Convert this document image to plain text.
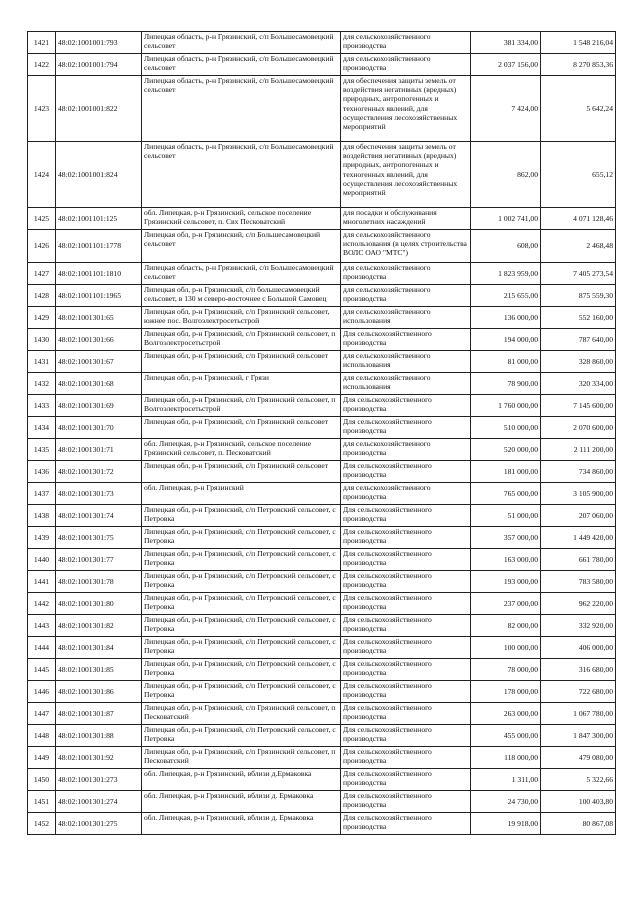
1421	48:02:1001001:793	Липецкая область, р-н Грязинский, с/п Большесамовецкий сельсовет	для сельскохозяйственного производства	381 334,00	1 548 216,04
1422	48:02:1001001:794	Липецкая область, р-н Грязинский, с/п Большесамовецкий сельсовет	для сельскохозяйственного производства	2 037 156,00	8 270 853,36
1423	48:02:1001001:822	Липецкая область, р-н Грязинский, с/п Большесамовецкий сельсовет	для обеспечения защиты земель от воздействия негативных (вредных) природных, антропогенных и техногенных явлений, для осуществления лесохозяйственных мероприятий	7 424,00	5 642,24
1424	48:02:1001001:824	Липецкая область, р-н Грязинский, с/п Большесамовецкий сельсовет	для обеспечения защиты земель от воздействия негативных (вредных) природных, антропогенных и техногенных явлений, для осуществления лесохозяйственных мероприятий	862,00	655,12
1425	48:02:1001101:125	обл. Липецкая, р-н Грязинский, сельское поселение Грязинский сельсовет, п. Свх Песковатский	для посадки и обслуживания многолетних насаждений	1 002 741,00	4 071 128,46
1426	48:02:1001101:1778	Липецкая обл, р-н Грязинский, с/п Большесамовецкий сельсовет	для сельскохозяйственного использования (в целях строительства ВОЛС ОАО "МТС")	608,00	2 468,48
1427	48:02:1001101:1810	Липецкая область, р-н Грязинский, с/п Большесамовецкий сельсовет	для сельскохозяйственного производства	1 823 959,00	7 405 273,54
1428	48:02:1001101:1965	Липецкая обл, р-н Грязинский, с/п большесамовецкий сельсовет, в 130 м северо-восточнее с Большой Самовец	для сельскохозяйственного производства	215 655,00	875 559,30
1429	48:02:1001301:65	Липецкая обл, р-н Грязинский, с/п Грязинский сельсовет, южнее пос. Волгоэлектросетьстрой	для сельскохозяйственного использования	136 000,00	552 160,00
1430	48:02:1001301:66	Липецкая обл, р-н Грязинский, с/п Грязинский сельсовет, п Волгоэлектросетьстрой	Для сельскохозяйственного производства	194 000,00	787 640,00
1431	48:02:1001301:67	Липецкая обл, р-н Грязинский, с/п Грязинский сельсовет	для сельскохозяйственного использования	81 000,00	328 860,00
1432	48:02:1001301:68	Липецкая обл, р-н Грязинский, г Грязи	для сельскохозяйственного использования	78 900,00	320 334,00
1433	48:02:1001301:69	Липецкая обл, р-н Грязинский, с/п Грязинский сельсовет, п Волгоэлектросетьстрой	Для сельскохозяйственного производства	1 760 000,00	7 145 600,00
1434	48:02:1001301:70	Липецкая обл, р-н Грязинский, с/п Грязинский сельсовет	Для сельскохозяйственного производства	510 000,00	2 070 600,00
1435	48:02:1001301:71	обл. Липецкая, р-н Грязинский, сельское поселение Грязинский сельсовет, п. Песковатский	для сельскохозяйственного производства	520 000,00	2 111 200,00
1436	48:02:1001301:72	Липецкая обл, р-н Грязинский, с/п Грязинский сельсовет	Для сельскохозяйственного производства	181 000,00	734 860,00
1437	48:02:1001301:73	обл. Липецкая, р-н Грязинский	для сельскохозяйственного производства	765 000,00	3 105 900,00
1438	48:02:1001301:74	Липецкая обл, р-н Грязинский, с/п Петровский сельсовет, с Петровка	Для сельскохозяйственного производства	51 000,00	207 060,00
1439	48:02:1001301:75	Липецкая обл, р-н Грязинский, с/п Петровский сельсовет, с Петровка	Для сельскохозяйственного производства	357 000,00	1 449 420,00
1440	48:02:1001301:77	Липецкая обл, р-н Грязинский, с/п Петровский сельсовет, с Петровка	Для сельскохозяйственного производства	163 000,00	661 780,00
1441	48:02:1001301:78	Липецкая обл, р-н Грязинский, с/п Петровский сельсовет, с Петровка	Для сельскохозяйственного производства	193 000,00	783 580,00
1442	48:02:1001301:80	Липецкая обл, р-н Грязинский, с/п Петровский сельсовет, с Петровка	Для сельскохозяйственного производства	237 000,00	962 220,00
1443	48:02:1001301:82	Липецкая обл, р-н Грязинский, с/п Петровский сельсовет, с Петровка	Для сельскохозяйственного производства	82 000,00	332 920,00
1444	48:02:1001301:84	Липецкая обл, р-н Грязинский, с/п Петровский сельсовет, с Петровка	Для сельскохозяйственного производства	100 000,00	406 000,00
1445	48:02:1001301:85	Липецкая обл, р-н Грязинский, с/п Петровский сельсовет, с Петровка	Для сельскохозяйственного производства	78 000,00	316 680,00
1446	48:02:1001301:86	Липецкая обл, р-н Грязинский, с/п Петровский сельсовет, с Петровка	Для сельскохозяйственного производства	178 000,00	722 680,00
1447	48:02:1001301:87	Липецкая обл, р-н Грязинский, с/п Грязинский сельсовет, п Песковатский	Для сельскохозяйственного производства	263 000,00	1 067 780,00
1448	48:02:1001301:88	Липецкая обл, р-н Грязинский, с/п Петровский сельсовет, с Петровка	Для сельскохозяйственного производства	455 000,00	1 847 300,00
1449	48:02:1001301:92	Липецкая обл, р-н Грязинский, с/п Грязинский сельсовет, п Песковатский	Для сельскохозяйственного производства	118 000,00	479 080,00
1450	48:02:1001301:273	обл. Липецкая, р-н Грязинский, вблизи д.Ермаковка	Для сельскохозяйственного производства	1 311,00	5 322,66
1451	48:02:1001301:274	обл. Липецкая, р-н Грязинский, вблизи д. Ермаковка	Для сельскохозяйственного производства	24 730,00	100 403,80
1452	48:02:1001301:275	обл. Липецкая, р-н Грязинский, вблизи д. Ермаковка	Для сельскохозяйственного производства	19 918,00	80 867,08
